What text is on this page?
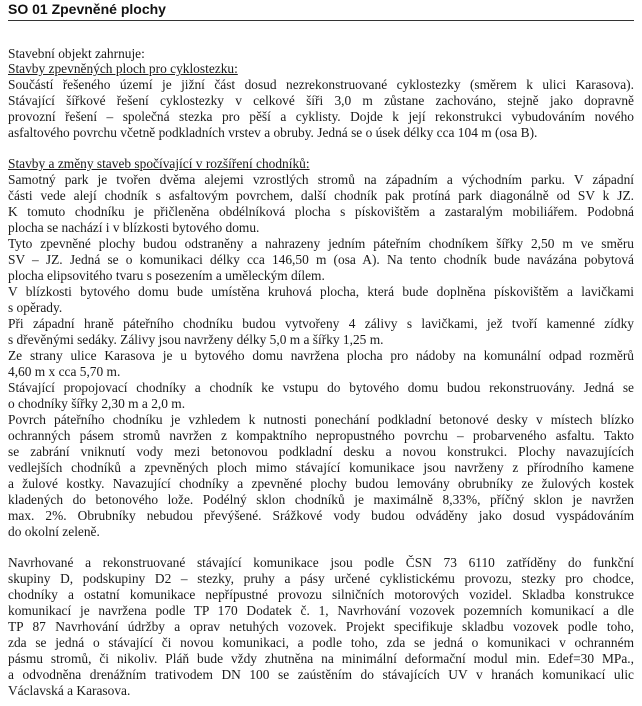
SO 01 Zpevněné plochy
Stavební objekt zahrnuje:
Stavby zpevněných ploch pro cyklostezku:
Součástí řešeného území je jižní část dosud nezrekonstruované cyklostezky (směrem k ulici Karasova).
Stávající šířkové řešení cyklostezky v celkové šíři 3,0 m zůstane zachováno, stejně jako dopravně
provozní řešení – společná stezka pro pěší a cyklisty. Dojde k její rekonstrukci vybudováním nového
asfaltového povrchu včetně podkladních vrstev a obruby. Jedná se o úsek délky cca 104 m (osa B).
Stavby a změny staveb spočívající v rozšíření chodníků:
Samotný park je tvořen dvěma alejemi vzrostlých stromů na západním a východním parku. V západní
části vede alejí chodník s asfaltovým povrchem, další chodník pak protíná park diagonálně od SV k JZ.
K tomuto chodníku je přičleněna obdélníková plocha s pískovištěm a zastaralým mobiliářem. Podobná
plocha se nachází i v blízkosti bytového domu.
Tyto zpevněné plochy budou odstraněny a nahrazeny jedním páteřním chodníkem šířky 2,50 m ve směru
SV – JZ. Jedná se o komunikaci délky cca 146,50 m (osa A). Na tento chodník bude navázána pobytová
plocha elipsovitého tvaru s posezením a uměleckým dílem.
V blízkosti bytového domu bude umístěna kruhová plocha, která bude doplněna pískovištěm a lavičkami
s opěrady.
Při západní hraně páteřního chodníku budou vytvořeny 4 zálivy s lavičkami, jež tvoří kamenné zídky
s dřevěnými sedáky. Zálivy jsou navrženy délky 5,0 m a šířky 1,25 m.
Ze strany ulice Karasova je u bytového domu navržena plocha pro nádoby na komunální odpad rozměrů
4,60 m x cca 5,70 m.
Stávající propojovací chodníky a chodník ke vstupu do bytového domu budou rekonstruovány. Jedná se
o chodníky šířky 2,30 m a 2,0 m.
Povrch páteřního chodníku je vzhledem k nutnosti ponechání podkladní betonové desky v místech blízko
ochranných pásem stromů navržen z kompaktního nepropustného povrchu – probarveného asfaltu. Takto
se zabrání vniknutí vody mezi betonovou podkladní desku a novou konstrukci. Plochy navazujících
vedlejších chodníků a zpevněných ploch mimo stávající komunikace jsou navrženy z přírodního kamene
a žulové kostky. Navazující chodníky a zpevněné plochy budou lemovány obrubníky ze žulových kostek
kladených do betonového lože. Podélný sklon chodníků je maximálně 8,33%, příčný sklon je navržen
max. 2%. Obrubníky nebudou převýšené. Srážkové vody budou odváděny jako dosud vyspádováním
do okolní zeleně.
Navrhované a rekonstruované stávající komunikace jsou podle ČSN 73 6110 zatříděny do funkční
skupiny D, podskupiny D2 – stezky, pruhy a pásy určené cyklistickému provozu, stezky pro chodce,
chodníky a ostatní komunikace nepřípustné provozu silničních motorových vozidel. Skladba konstrukce
komunikací je navržena podle TP 170 Dodatek č. 1, Navrhování vozovek pozemních komunikací a dle
TP 87 Navrhování údržby a oprav netuhých vozovek. Projekt specifikuje skladbu vozovek podle toho,
zda se jedná o stávající či novou komunikaci, a podle toho, zda se jedná o komunikaci v ochranném
pásmu stromů, či nikoliv. Pláň bude vždy zhutněna na minimální deformační modul min. Edef=30 MPa.,
a odvodněna drenážním trativodem DN 100 se zaústěním do stávajících UV v hranách komunikací ulic
Václavská a Karasova.
